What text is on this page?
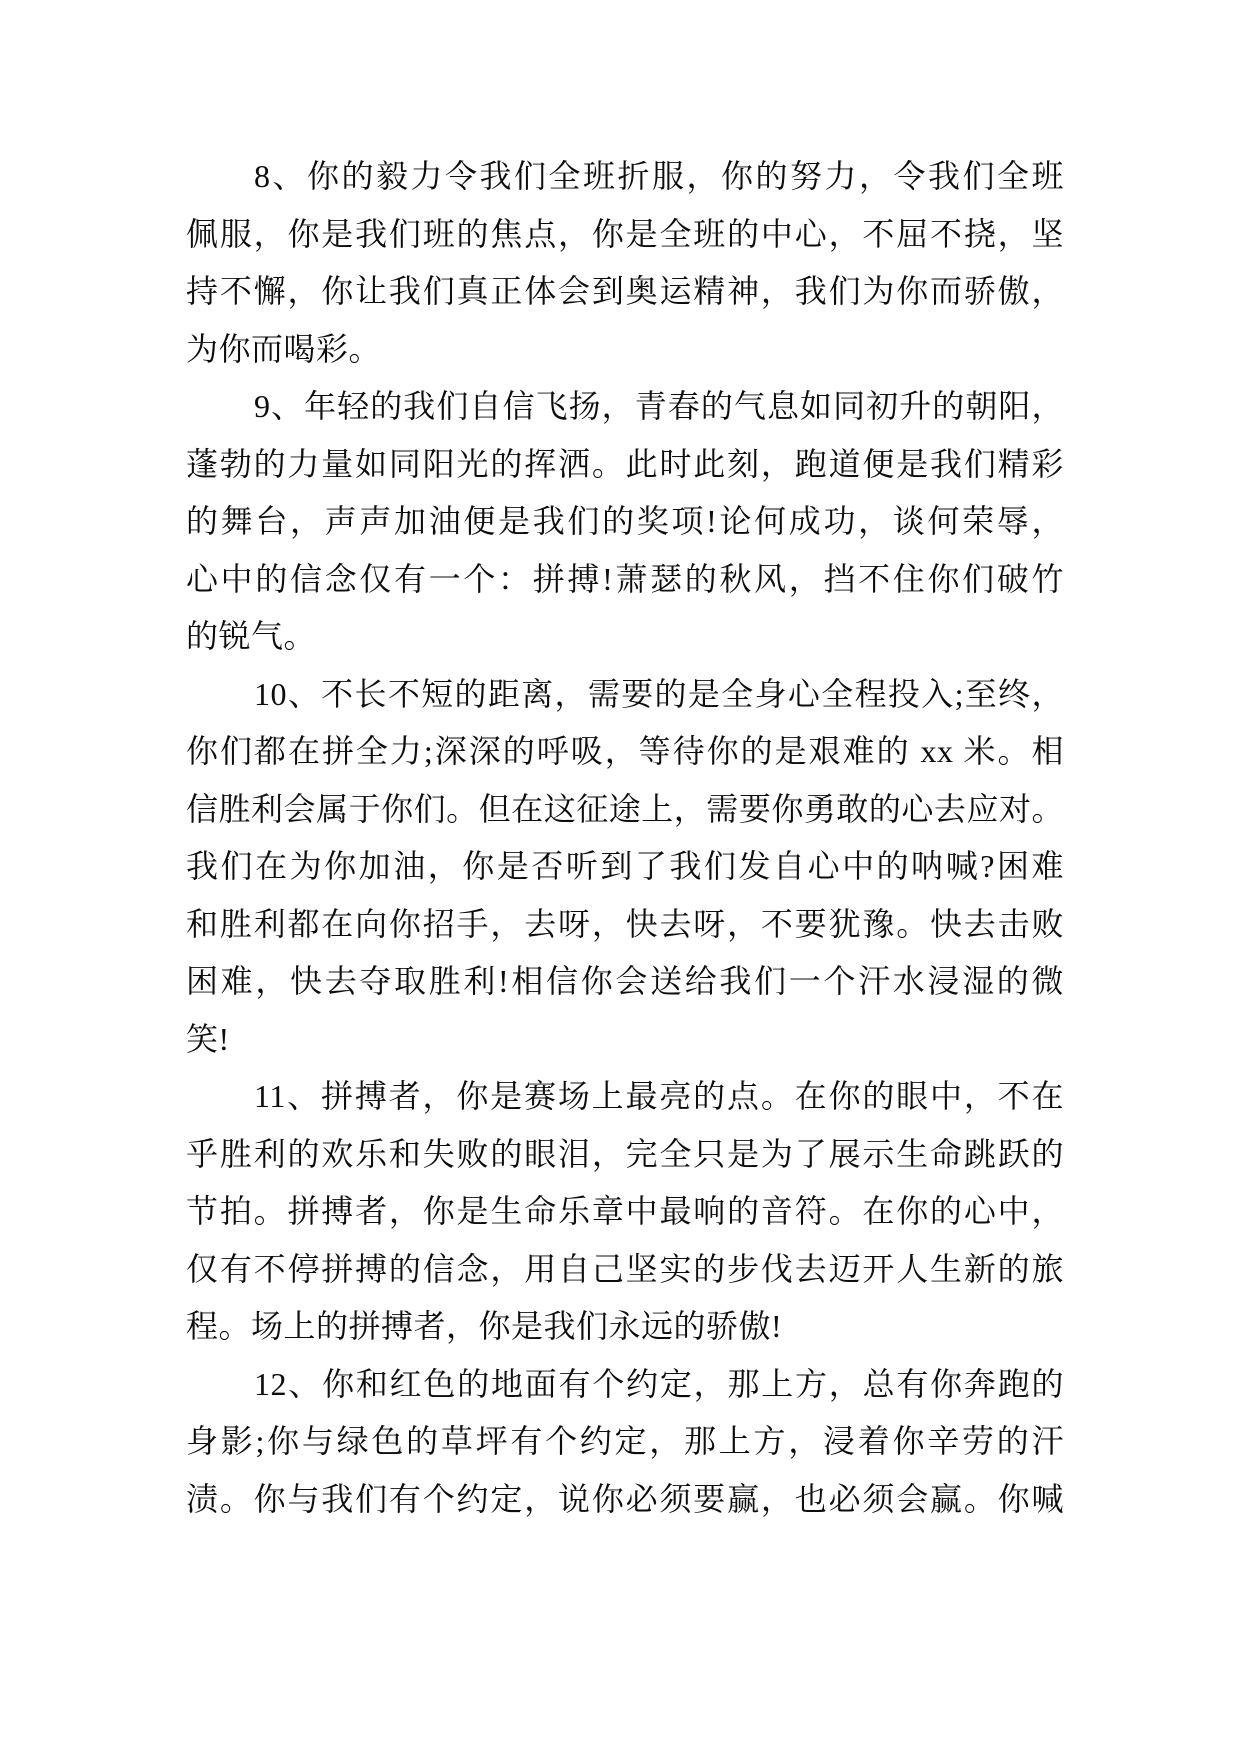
8、你的毅力令我们全班折服，你的努力，令我们全班
佩服，你是我们班的焦点，你是全班的中心，不屈不挠，坚
持不懈，你让我们真正体会到奥运精神，我们为你而骄傲，
为你而喝彩。
9、年轻的我们自信飞扬，青春的气息如同初升的朝阳，
蓬勃的力量如同阳光的挥洒。此时此刻，跑道便是我们精彩
的舞台，声声加油便是我们的奖项!论何成功，谈何荣辱，
心中的信念仅有一个：拼搏!萧瑟的秋风，挡不住你们破竹
的锐气。
10、不长不短的距离，需要的是全身心全程投入;至终，
你们都在拼全力;深深的呼吸，等待你的是艰难的 xx 米。相
信胜利会属于你们。但在这征途上，需要你勇敢的心去应对。
我们在为你加油，你是否听到了我们发自心中的呐喊?困难
和胜利都在向你招手，去呀，快去呀，不要犹豫。快去击败
困难，快去夺取胜利!相信你会送给我们一个汗水浸湿的微
笑!
11、拼搏者，你是赛场上最亮的点。在你的眼中，不在
乎胜利的欢乐和失败的眼泪，完全只是为了展示生命跳跃的
节拍。拼搏者，你是生命乐章中最响的音符。在你的心中，
仅有不停拼搏的信念，用自己坚实的步伐去迈开人生新的旅
程。场上的拼搏者，你是我们永远的骄傲!
12、你和红色的地面有个约定，那上方，总有你奔跑的
身影;你与绿色的草坪有个约定，那上方，浸着你辛劳的汗
渍。你与我们有个约定，说你必须要赢，也必须会赢。你喊
